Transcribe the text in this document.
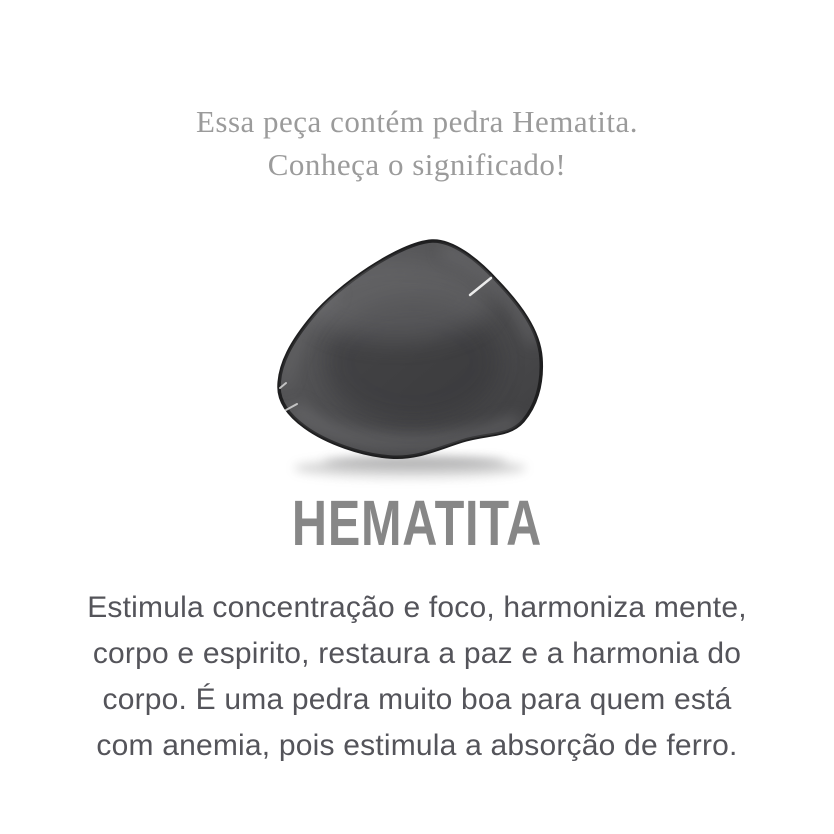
Essa peça contém pedra Hematita.
Conheça o significado!
HEMATITA
Estimula concentração e foco, harmoniza mente,
corpo e espirito, restaura a paz e a harmonia do
corpo. É uma pedra muito boa para quem está
com anemia, pois estimula a absorção de ferro.
